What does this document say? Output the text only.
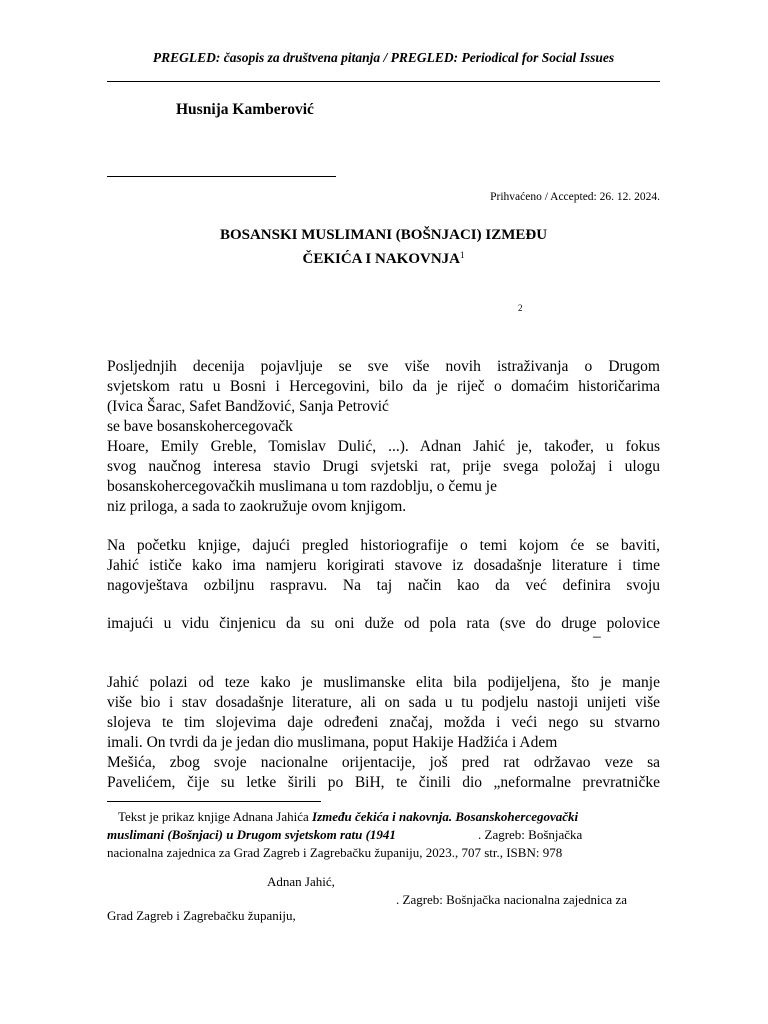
PREGLED: časopis za društvena pitanja / PREGLED: Periodical for Social Issues
Husnija Kamberović
Prihvaćeno / Accepted: 26. 12. 2024.
BOSANSKI MUSLIMANI (BOŠNJACI) IZMEĐU
ČEKIĆA I NAKOVNJA$^1$
2
Posljednjih decenija pojavljuje se sve više novih istraživanja o Drugom
svjetskom ratu u Bosni i Hercegovini, bilo da je riječ o domaćim historičarima
(Ivica Šarac, Safet Bandžović, Sanja Petrović
se bave bosanskohercegovačk
Hoare, Emily Greble, Tomislav Dulić, ...). Adnan Jahić je, također, u fokus
svog naučnog interesa stavio Drugi svjetski rat, prije svega položaj i ulogu
bosanskohercegovačkih muslimana u tom razdoblju, o čemu je
niz priloga, a sada to zaokružuje ovom knjigom.
Na početku knjige, dajući pregled historiografije o temi kojom će se baviti,
Jahić ističe kako ima namjeru korigirati stavove iz dosadašnje literature i time
nagovještava ozbiljnu raspravu. Na taj način kao da već definira svoju
imajući u vidu činjenicu da su oni duže od pola rata (sve do druge polovice
–
Jahić polazi od teze kako je muslimanske elita bila podijeljena, što je manje
više bio i stav dosadašnje literature, ali on sada u tu podjelu nastoji unijeti više
slojeva te tim slojevima daje određeni značaj, možda i veći nego su stvarno
imali. On tvrdi da je jedan dio muslimana, poput Hakije Hadžića i Adem
Mešića, zbog svoje nacionalne orijentacije, još pred rat održavao veze sa
Pavelićem, čije su letke širili po BiH, te činili dio „neformalne prevratničke
Tekst je prikaz knjige Adnana Jahića Između čekića i nakovnja. Bosanskohercegovački
muslimani (Bošnjaci) u Drugom svjetskom ratu (1941	. Zagreb: Bošnjačka
nacionalna zajednica za Grad Zagreb i Zagrebačku županiju, 2023., 707 str., ISBN: 978
Adnan Jahić,
. Zagreb: Bošnjačka nacionalna zajednica za
Grad Zagreb i Zagrebačku županiju,
